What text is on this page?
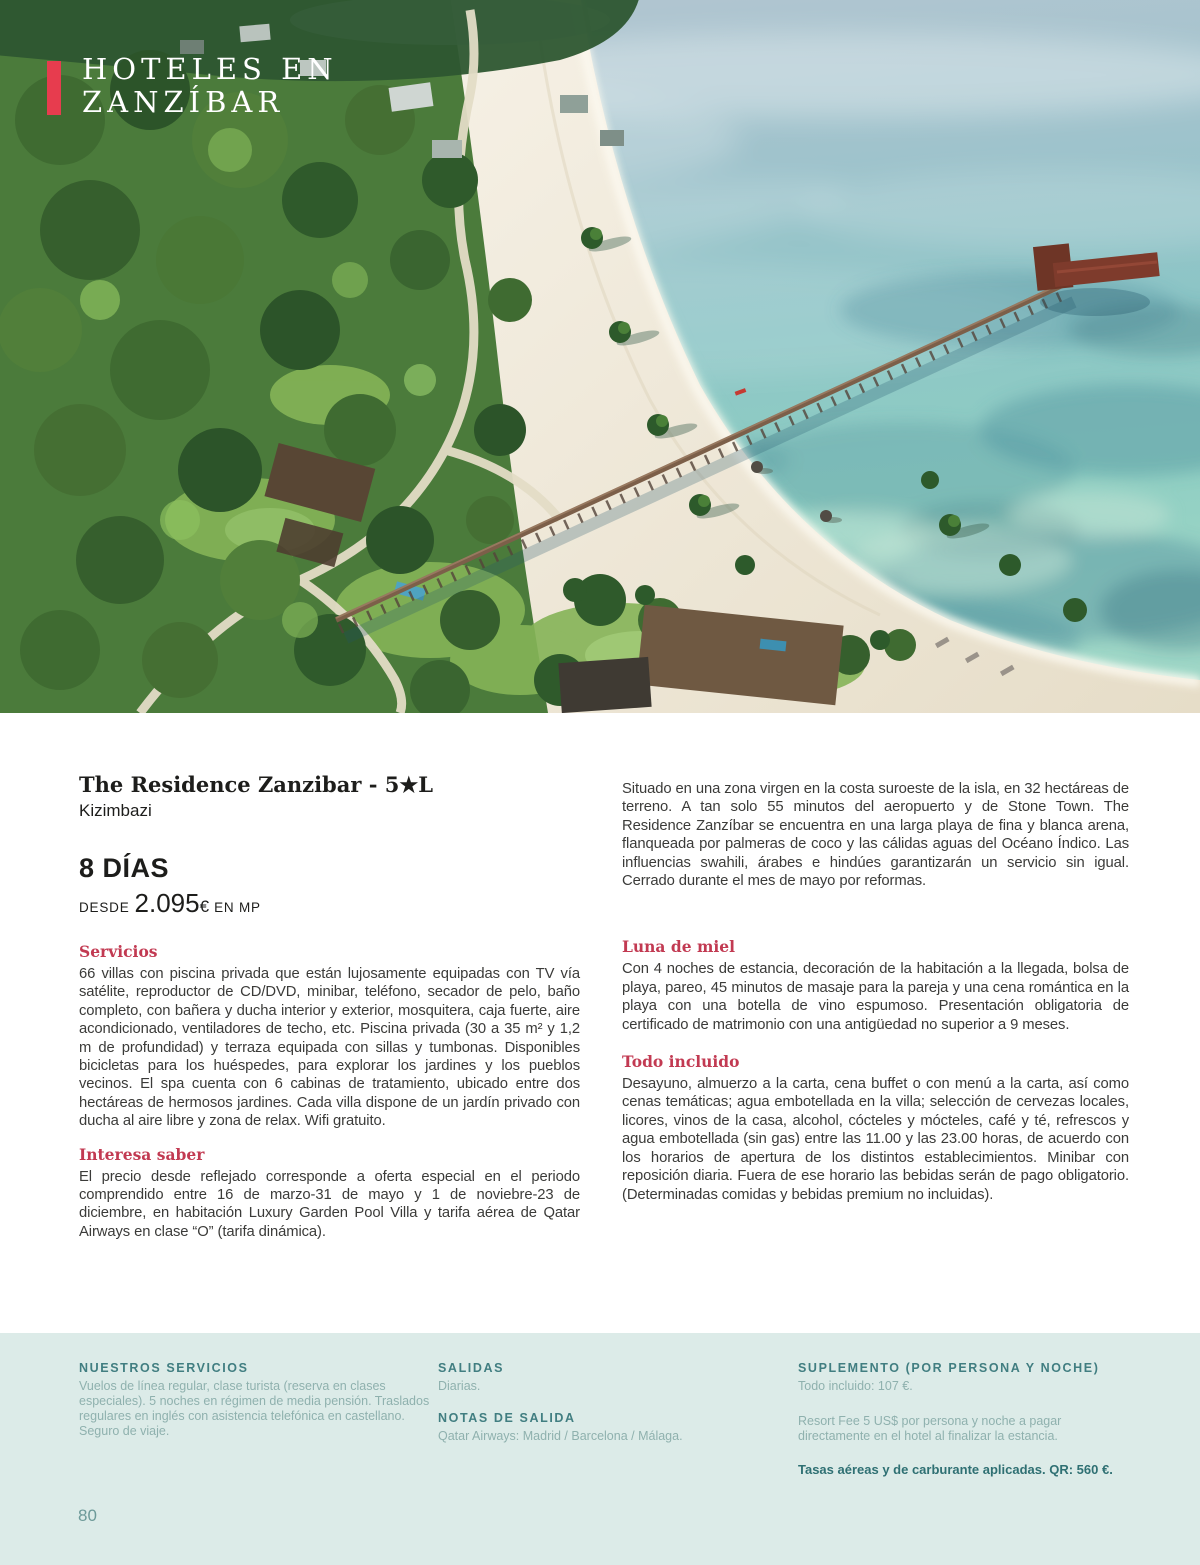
HOTELES EN
ZANZÍBAR
The Residence Zanzibar - 5★L

Kizimbazi

8 DÍAS

DESDE 2.095€ EN MP

Servicios

66 villas con piscina privada que están lujosamente equipadas con TV vía satélite, reproductor de CD/DVD, minibar, teléfono, secador de pelo, baño completo, con bañera y ducha interior y exterior, mosquitera, caja fuerte, aire acondicionado, ventiladores de techo, etc. Piscina privada (30 a 35 m² y 1,2 m de profundidad) y terraza equipada con sillas y tumbonas. Disponibles bicicletas para los huéspedes, para explorar los jardines y los pueblos vecinos. El spa cuenta con 6 cabinas de tratamiento, ubicado entre dos hectáreas de hermosos jardines. Cada villa dispone de un jardín privado con ducha al aire libre y zona de relax. Wifi gratuito.

Interesa saber

El precio desde reflejado corresponde a oferta especial en el periodo comprendido entre 16 de marzo-31 de mayo y 1 de noviebre-23 de diciembre, en habitación Luxury Garden Pool Villa y tarifa aérea de Qatar Airways en clase “O” (tarifa dinámica).

Situado en una zona virgen en la costa suroeste de la isla, en 32 hectáreas de terreno. A tan solo 55 minutos del aeropuerto y de Stone Town. The Residence Zanzíbar se encuentra en una larga playa de fina y blanca arena, flanqueada por palmeras de coco y las cálidas aguas del Océano Índico. Las influencias swahili, árabes e hindúes garantizarán un servicio sin igual. Cerrado durante el mes de mayo por reformas.

Luna de miel

Con 4 noches de estancia, decoración de la habitación a la llegada, bolsa de playa, pareo, 45 minutos de masaje para la pareja y una cena romántica en la playa con una botella de vino espumoso. Presentación obligatoria de certificado de matrimonio con una antigüedad no superior a 9 meses.

Todo incluido

Desayuno, almuerzo a la carta, cena buffet o con menú a la carta, así como cenas temáticas; agua embotellada en la villa; selección de cervezas locales, licores, vinos de la casa, alcohol, cócteles y mócteles, café y té, refrescos y agua embotellada (sin gas) entre las 11.00 y las 23.00 horas, de acuerdo con los horarios de apertura de los distintos establecimientos. Minibar con reposición diaria. Fuera de ese horario las bebidas serán de pago obligatorio. (Determinadas comidas y bebidas premium no incluidas).

NUESTROS SERVICIOS

Vuelos de línea regular, clase turista (reserva en clases especiales). 5 noches en régimen de media pensión. Traslados regulares en inglés con asistencia telefónica en castellano. Seguro de viaje.

SALIDAS

Diarias.

NOTAS DE SALIDA

Qatar Airways: Madrid / Barcelona / Málaga.

SUPLEMENTO (POR PERSONA Y NOCHE)

Todo incluido: 107 €.

Resort Fee 5 US$ por persona y noche a pagar directamente en el hotel al finalizar la estancia.

Tasas aéreas y de carburante aplicadas. QR: 560 €.

80
